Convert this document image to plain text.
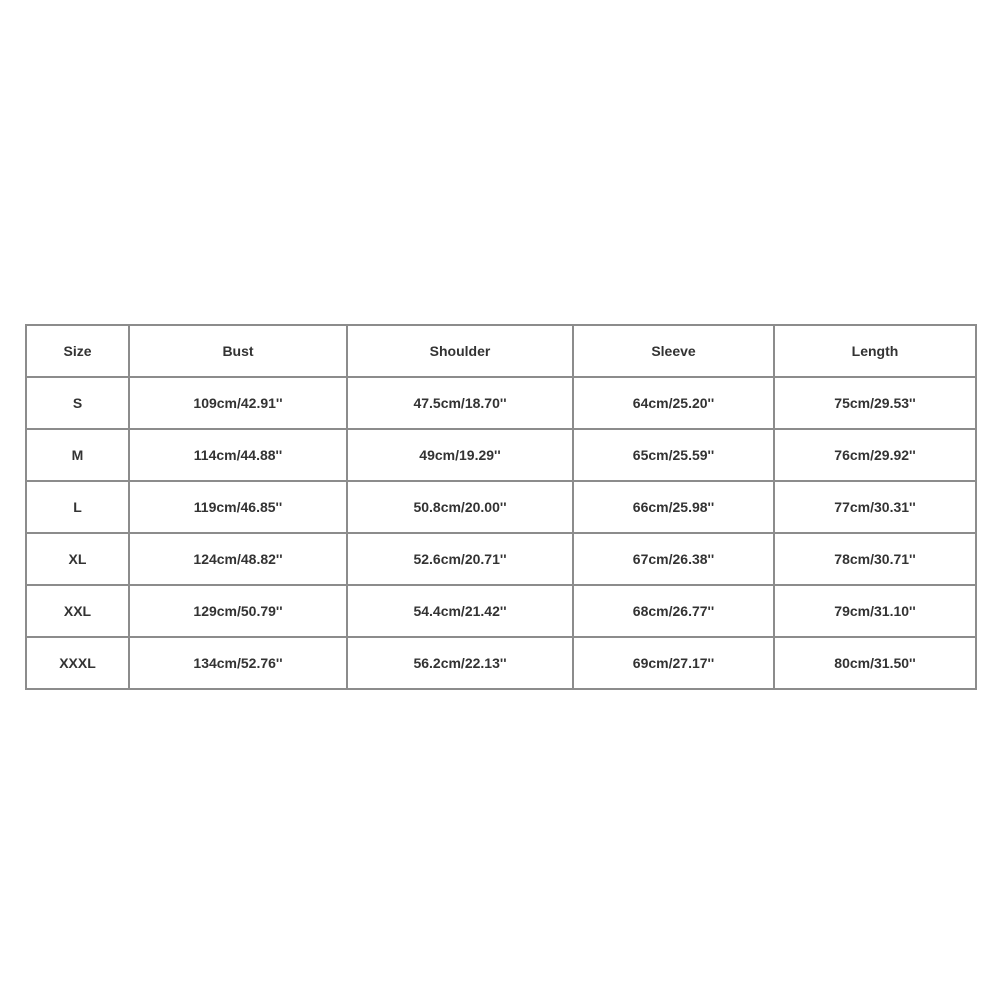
Size	Bust	Shoulder	Sleeve	Length
S	109cm/42.91''	47.5cm/18.70''	64cm/25.20''	75cm/29.53''
M	114cm/44.88''	49cm/19.29''	65cm/25.59''	76cm/29.92''
L	119cm/46.85''	50.8cm/20.00''	66cm/25.98''	77cm/30.31''
XL	124cm/48.82''	52.6cm/20.71''	67cm/26.38''	78cm/30.71''
XXL	129cm/50.79''	54.4cm/21.42''	68cm/26.77''	79cm/31.10''
XXXL	134cm/52.76''	56.2cm/22.13''	69cm/27.17''	80cm/31.50''
